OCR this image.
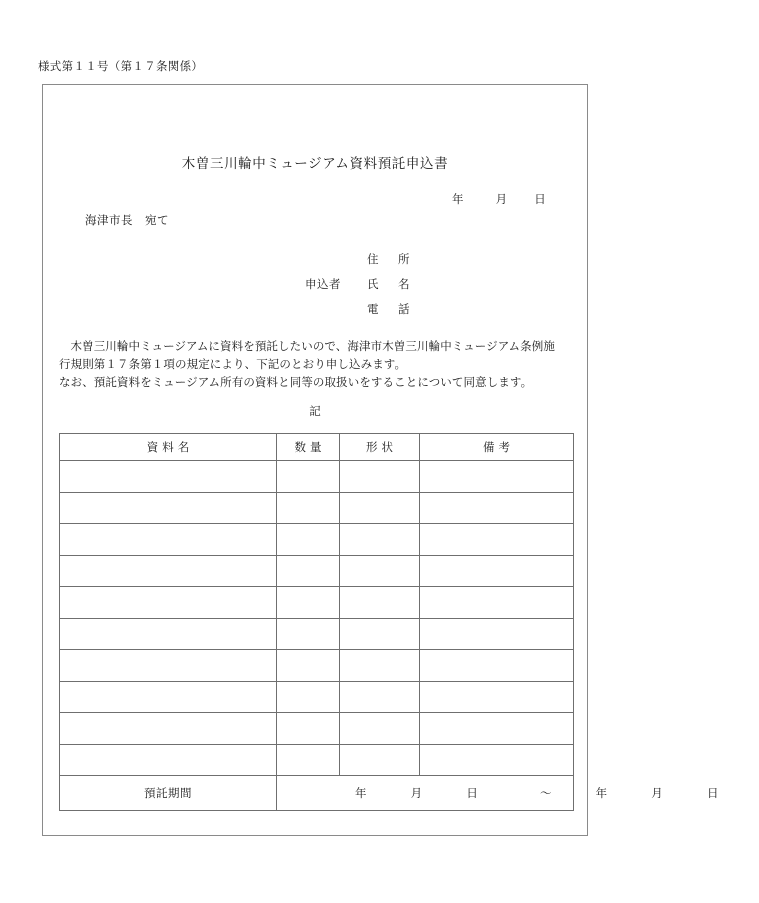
様式第１１号（第１７条関係）
木曽三川輪中ミュージアム資料預託申込書
年	月 日
海津市長　宛て
住　所
申込者	氏　名
電　話

木曽三川輪中ミュージアムに資料を預託したいので、海津市木曽三川輪中ミュージアム条例施

行規則第１７条第１項の規定により、下記のとおり申し込みます。

なお、預託資料をミュージアム所有の資料と同等の取扱いをすることについて同意します。

記
資料名	数量	形状	備考

預託期間	年 月 日 ～ 年 月 日		
